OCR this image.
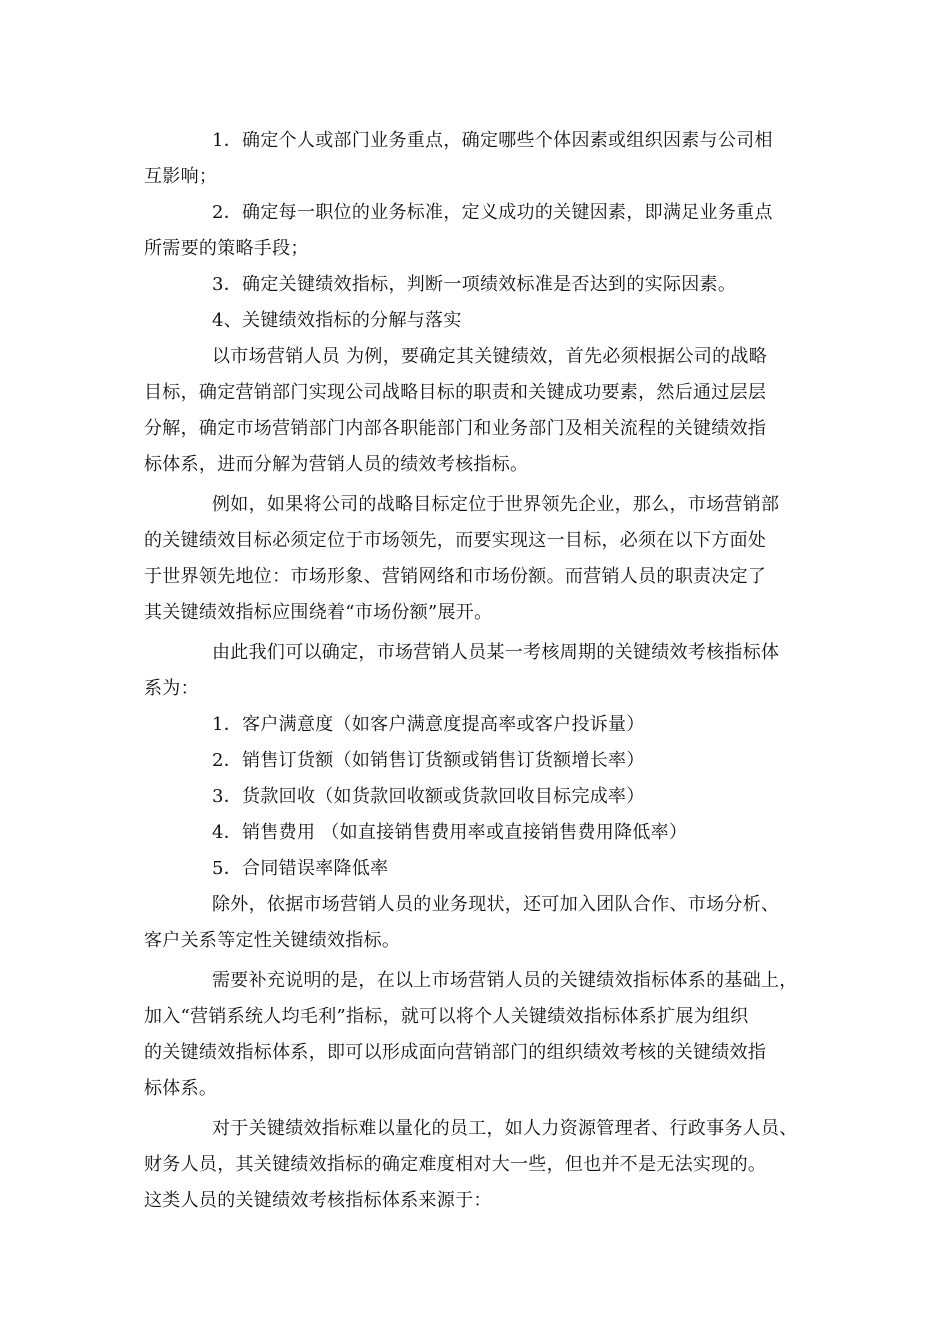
1．确定个人或部门业务重点，确定哪些个体因素或组织因素与公司相
互影响；
2．确定每一职位的业务标准，定义成功的关键因素，即满足业务重点
所需要的策略手段；
3．确定关键绩效指标，判断一项绩效标准是否达到的实际因素。
4、关键绩效指标的分解与落实
以市场营销人员 为例，要确定其关键绩效，首先必须根据公司的战略
目标，确定营销部门实现公司战略目标的职责和关键成功要素，然后通过层层
分解，确定市场营销部门内部各职能部门和业务部门及相关流程的关键绩效指
标体系，进而分解为营销人员的绩效考核指标。
例如，如果将公司的战略目标定位于世界领先企业，那么，市场营销部
的关键绩效目标必须定位于市场领先，而要实现这一目标，必须在以下方面处
于世界领先地位：市场形象、营销网络和市场份额。而营销人员的职责决定了
其关键绩效指标应围绕着“市场份额”展开。
由此我们可以确定，市场营销人员某一考核周期的关键绩效考核指标体
系为：
1．客户满意度（如客户满意度提高率或客户投诉量）
2．销售订货额（如销售订货额或销售订货额增长率）
3．货款回收（如货款回收额或货款回收目标完成率）
4．销售费用 （如直接销售费用率或直接销售费用降低率）
5．合同错误率降低率
除外，依据市场营销人员的业务现状，还可加入团队合作、市场分析、
客户关系等定性关键绩效指标。
需要补充说明的是，在以上市场营销人员的关键绩效指标体系的基础上，
加入“营销系统人均毛利”指标，就可以将个人关键绩效指标体系扩展为组织
的关键绩效指标体系，即可以形成面向营销部门的组织绩效考核的关键绩效指
标体系。
对于关键绩效指标难以量化的员工，如人力资源管理者、行政事务人员、
财务人员，其关键绩效指标的确定难度相对大一些，但也并不是无法实现的。
这类人员的关键绩效考核指标体系来源于：
